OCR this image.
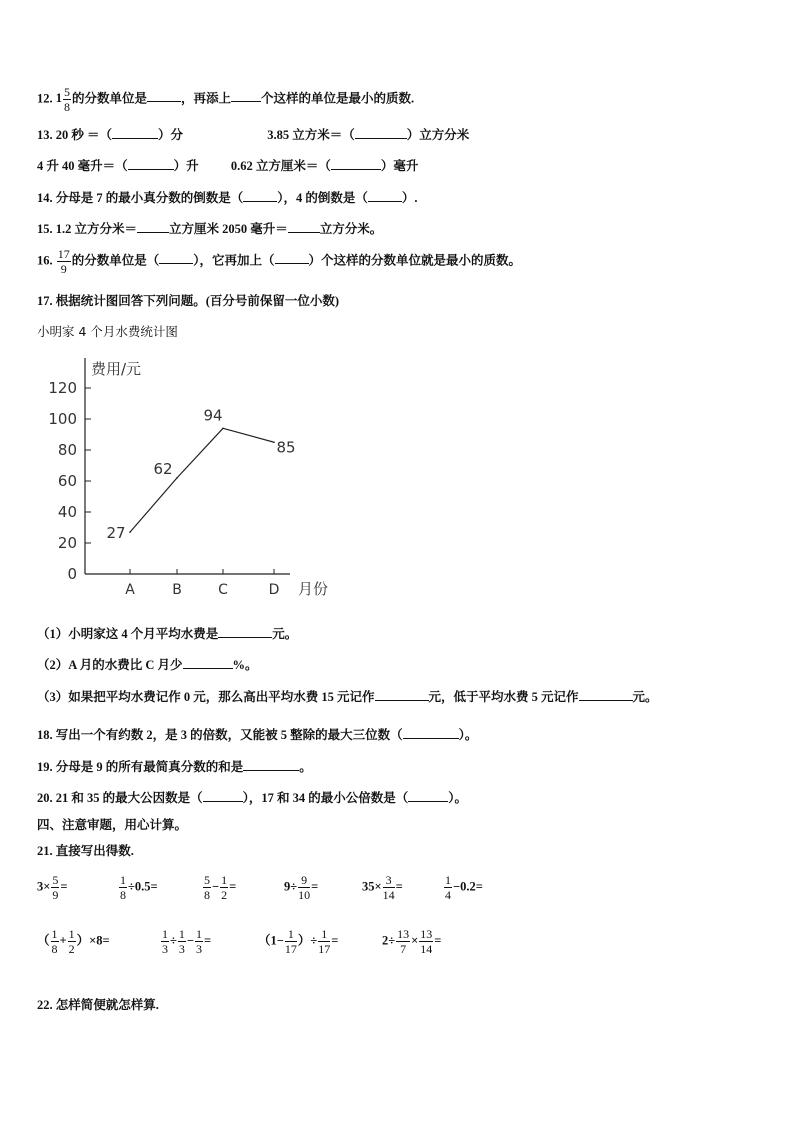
12. $1 \frac{5}{8}$ 的分数单位是	，再添上 个这样的单位是最小的质数.
13. 20 秒 ＝（	）分	3.85 立方米＝（	）立方分米
4 升 40 毫升＝（	）升	0.62 立方厘米＝（	）毫升
14. 分母是 7 的最小真分数的倒数是（	），4 的倒数是（	）.
15. 1.2 立方分米＝	立方厘米 2050 毫升＝	立方分米。
16. $\frac{17}{9}$ 的分数单位是（	），它再加上（	）个这样的分数单位就是最小的质数。
17. 根据统计图回答下列问题。(百分号前保留一位小数)
小明家 4 个月水费统计图
费用/元
月份
0
20
40
60
80
100
120
A	B	C	D
27
62
94
85
（1）小明家这 4 个月平均水费是	元。
（2）A 月的水费比 C 月少	%。
（3）如果把平均水费记作 0 元，那么高出平均水费 15 元记作	元，低于平均水费 5 元记作	元。
18. 写出一个有约数 2，是 3 的倍数，又能被 5 整除的最大三位数（	）。
19. 分母是 9 的所有最简真分数的和是	。
20. 21 和 35 的最大公因数是（	），17 和 34 的最小公倍数是（	）。
四、注意审题，用心计算。
21. 直接写出得数.
$3\times \frac{5}{9}$ =	$\frac{1}{8} \div 0.5=$	$\frac{5}{8} - \frac{1}{2}$ =	$9\div \frac{9}{10}$ =	$35\times \frac{3}{14}$ =	$\frac{1}{4} -0.2=$
（ $\frac{1}{8} + \frac{1}{2} )\times 8=$	$\frac{1}{3} \div \frac{1}{3} - \frac{1}{3}$ =	（$1- \frac{1}{17}$ ）÷ $\frac{1}{17}$ =	$2\div \frac{13}{7} \times \frac{13}{14}$ =
22. 怎样简便就怎样算.
